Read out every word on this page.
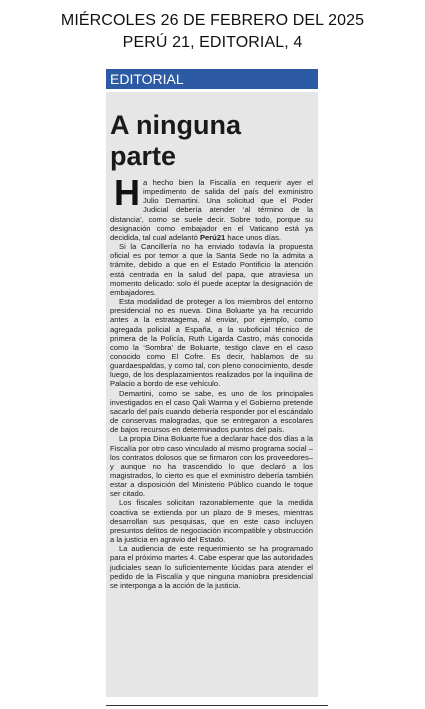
MIÉRCOLES 26 DE FEBRERO DEL 2025
PERÚ 21, EDITORIAL, 4
EDITORIAL
A ninguna
parte

Ha hecho bien la Fiscalía en requerir ayer el impedimento de salida del país del exministro Julio Demartini. Una solicitud que el Poder Judicial debería atender ‘al término de la distancia’, como se suele decir. Sobre todo, porque su designación como embajador en el Vaticano está ya decidida, tal cual adelantó Perú21 hace unos días.

Si la Cancillería no ha enviado todavía la propuesta oficial es por temor a que la Santa Sede no la admita a trámite, debido a que en el Estado Pontificio la atención está centrada en la salud del papa, que atraviesa un momento delicado: solo él puede aceptar la designación de embajadores.

Esta modalidad de proteger a los miembros del entorno presidencial no es nueva. Dina Boluarte ya ha recurrido antes a la estratagema, al enviar, por ejemplo, como agregada policial a España, a la suboficial técnico de primera de la Policía, Ruth Ligarda Castro, más conocida como la ‘Sombra’ de Boluarte, testigo clave en el caso conocido como El Cofre. Es decir, hablamos de su guardaespaldas, y como tal, con pleno conocimiento, desde luego, de los desplazamientos realizados por la inquilina de Palacio a bordo de ese vehículo.

Demartini, como se sabe, es uno de los principales investigados en el caso Qali Warma y el Gobierno pretende sacarlo del país cuando debería responder por el escándalo de conservas malogradas, que se entregaron a escolares de bajos recursos en determinados puntos del país.

La propia Dina Boluarte fue a declarar hace dos días a la Fiscalía por otro caso vinculado al mismo programa social –los contratos dolosos que se firmaron con los proveedores– y aunque no ha trascendido lo que declaró a los magistrados, lo cierto es que el exministro debería también estar a disposición del Ministerio Público cuando le toque ser citado.

Los fiscales solicitan razonablemente que la medida coactiva se extienda por un plazo de 9 meses, mientras desarrollan sus pesquisas, que en este caso incluyen presuntos delitos de negociación incompatible y obstrucción a la justicia en agravio del Estado.

La audiencia de este requerimiento se ha programado para el próximo martes 4. Cabe esperar que las autoridades judiciales sean lo suficientemente lúcidas para atender el pedido de la Fiscalía y que ninguna maniobra presidencial se interponga a la acción de la justicia.
